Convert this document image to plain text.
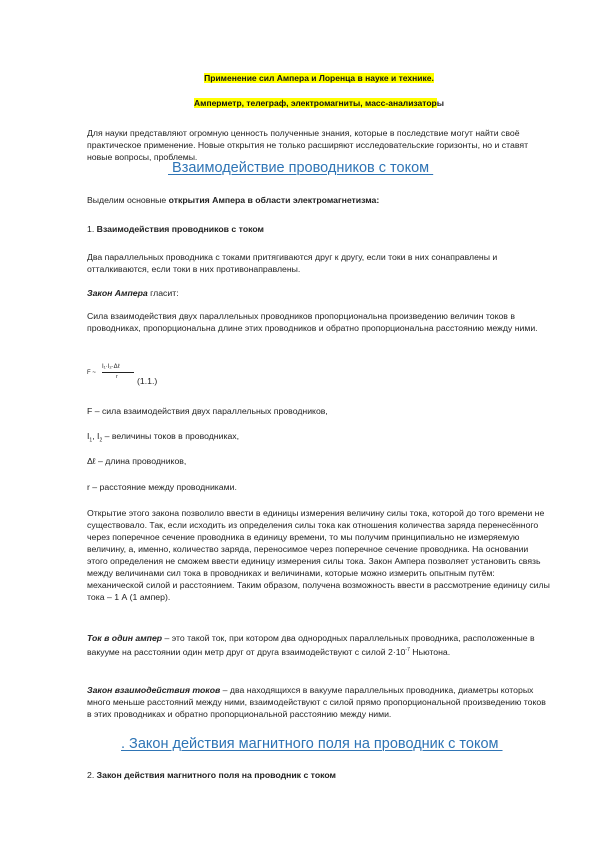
Применение сил Ампера и Лоренца в науке и технике.

Амперметр, телеграф, электромагниты, масс-анализаторы

Для науки представляют огромную ценность полученные знания, которые в последствие могут найти своё практическое применение. Новые открытия не только расширяют исследовательские горизонты, но и ставят новые вопросы, проблемы.

Взаимодействие проводников с током

Выделим основные открытия Ампера в области электромагнетизма:

1. Взаимодействия проводников с током

Два параллельных проводника с токами притягиваются друг к другу, если токи в них сонаправлены и отталкиваются, если токи в них противонаправлены.

Закон Ампера гласит:

Сила взаимодействия двух параллельных проводников пропорциональна произведению величин токов в проводниках, пропорциональна длине этих проводников и обратно пропорциональна расстоянию между ними.

F ~
I₁·I₂·Δℓ
r (1.1.)

F – сила взаимодействия двух параллельных проводников,

$I_1$, $I_2$ – величины токов в проводниках,

Δℓ – длина проводников,

r – расстояние между проводниками.

Открытие этого закона позволило ввести в единицы измерения величину силы тока, которой до того времени не существовало. Так, если исходить из определения силы тока как отношения количества заряда перенесённого через поперечное сечение проводника в единицу времени, то мы получим принципиально не измеряемую величину, а, именно, количество заряда, переносимое через поперечное сечение проводника. На основании этого определения не сможем ввести единицу измерения силы тока. Закон Ампера позволяет установить связь между величинами сил тока в проводниках и величинами, которые можно измерить опытным путём: механической силой и расстоянием. Таким образом, получена возможность ввести в рассмотрение единицу силы тока – 1 А (1 ампер).

Ток в один ампер – это такой ток, при котором два однородных параллельных проводника, расположенные в вакууме на расстоянии один метр друг от друга взаимодействуют с силой $2\cdot 10^{-7}$ Ньютона.

Закон взаимодействия токов – два находящихся в вакууме параллельных проводника, диаметры которых много меньше расстояний между ними, взаимодействуют с силой прямо пропорциональной произведению токов в этих проводниках и обратно пропорциональной расстоянию между ними.

. Закон действия магнитного поля на проводник с током

2. Закон действия магнитного поля на проводник с током
